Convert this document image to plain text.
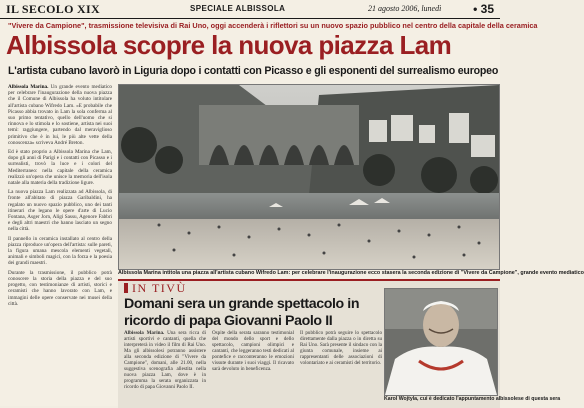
IL SECOLO XIX	SPECIALE ALBISSOLA	21 agosto 2006, lunedì	• 35
"Vivere da Campione", trasmissione televisiva di Rai Uno, oggi accenderà i riflettori su un nuovo spazio pubblico nel centro della capitale della ceramica
Albissola scopre la nuova piazza Lam
L'artista cubano lavorò in Liguria dopo i contatti con Picasso e gli esponenti del surrealismo europeo

Albissola Marina. Un grande evento mediatico per celebrare l'inaugurazione della nuova piazza che il Comune di Albissola ha voluto intitolare all'artista cubano Wifredo Lam. «E probabile che Picasso abbia trovato in Lam la sola conferma al suo primo tentativo, quello dell'uomo che si rinnova e lo stimola e lo sostiene, artista nei suoi temi: raggiungere, partendo dal meraviglioso primitivo che è in lui, le più alte vette della conoscenza» scriveva André Breton.

Ed è stato proprio a Albissola Marina che Lam, dopo gli anni di Parigi e i contatti con Picasso e i surrealisti, trovò la luce e i colori del Mediterraneo: nella capitale della ceramica realizzò un'opera che unisce la memoria dell'isola natale alla materia della tradizione ligure.

La nuova piazza Lam realizzata ad Albissola, di fronte all'abitato di piazza Garibaldini, ha regalato un nuovo spazio pubblico, uno dei tanti itinerari che legano le opere d'arte di Lucio Fontana, Asger Jorn, Aligi Sassu, Agenore Fabbri e degli altri maestri che hanno lasciato un segno nella città.

Il pannello in ceramica installato al centro della piazza riproduce un'opera dell'artista: sulle pareti, la figura umana mescola elementi vegetali, animali e simboli magici, con la forza e la poesia dei grandi maestri.

Durante la trasmissione, il pubblico potrà conoscere la storia della piazza e del suo progetto, con testimonianze di artisti, storici e ceramisti che hanno lavorato con Lam, e immagini delle opere conservate nei musei della città.

Albissola Marina intitola una piazza all'artista cubano Wifredo Lam: per celebrare l'inaugurazione ecco stasera la seconda edizione di "Vivere da Campione", grande evento mediatico
IN TIVÙ
Domani sera un grande spettacolo in ricordo di papa Giovanni Paolo II

Albissola Marina. Una sera ricca di artisti sportivi e cantanti, quella che interpreterà in video il film di Rai Uno. Ma gli albissolesi potranno assistere alla seconda edizione di "Vivere da Campione", domani, alle 21.00, nella suggestiva scenografia allestita nella nuova piazza Lam, dove è in programma la serata organizzata in ricordo di papa Giovanni Paolo II.

Ospite della serata saranno testimonial del mondo dello sport e dello spettacolo, campioni olimpici e cantanti, che leggeranno testi dedicati al pontefice e racconteranno le emozioni vissute durante i suoi viaggi. Il ricavato sarà devoluto in beneficenza.

Il pubblico potrà seguire lo spettacolo direttamente dalla piazza o in diretta su Rai Uno. Sarà presente il sindaco con la giunta comunale, insieme ai rappresentanti delle associazioni di volontariato e ai ceramisti del territorio.

Karol Wojtyla, cui è dedicato l'appuntamento albissolese di questa sera
